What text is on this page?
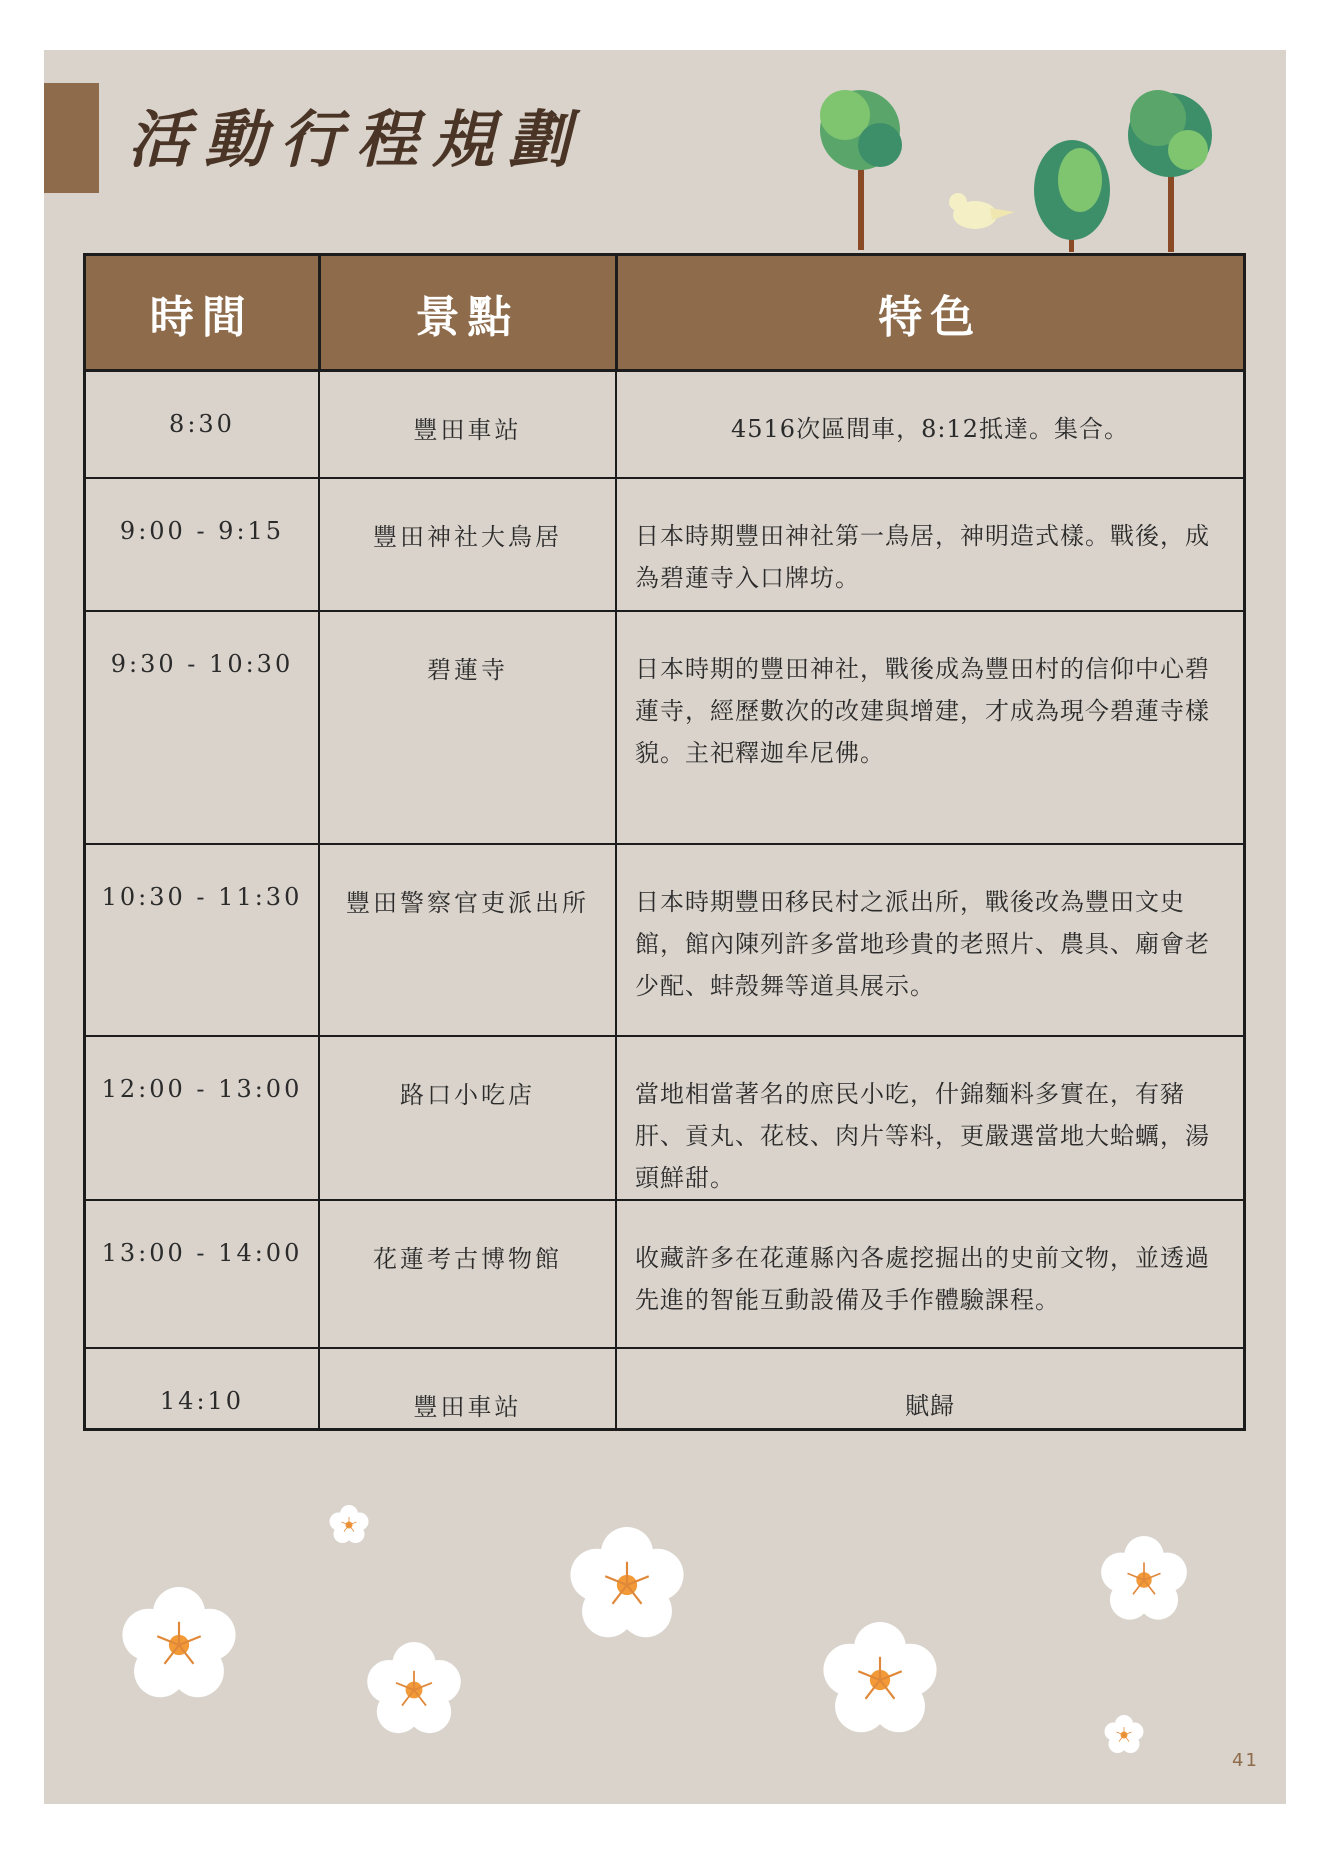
活動行程規劃
時間	景點	特色
8:30	豐田車站	4516次區間車，8:12抵達。集合。
9:00 - 9:15	豐田神社大鳥居	日本時期豐田神社第一鳥居，神明造式樣。戰後，成為碧蓮寺入口牌坊。
9:30 - 10:30	碧蓮寺	日本時期的豐田神社，戰後成為豐田村的信仰中心碧蓮寺，經歷數次的改建與增建，才成為現今碧蓮寺樣貌。主祀釋迦牟尼佛。
10:30 - 11:30	豐田警察官吏派出所	日本時期豐田移民村之派出所，戰後改為豐田文史館，館內陳列許多當地珍貴的老照片、農具、廟會老少配、蚌殼舞等道具展示。
12:00 - 13:00	路口小吃店	當地相當著名的庶民小吃，什錦麵料多實在，有豬肝、貢丸、花枝、肉片等料，更嚴選當地大蛤蠣，湯頭鮮甜。
13:00 - 14:00	花蓮考古博物館	收藏許多在花蓮縣內各處挖掘出的史前文物，並透過先進的智能互動設備及手作體驗課程。
14:10	豐田車站	賦歸
41
